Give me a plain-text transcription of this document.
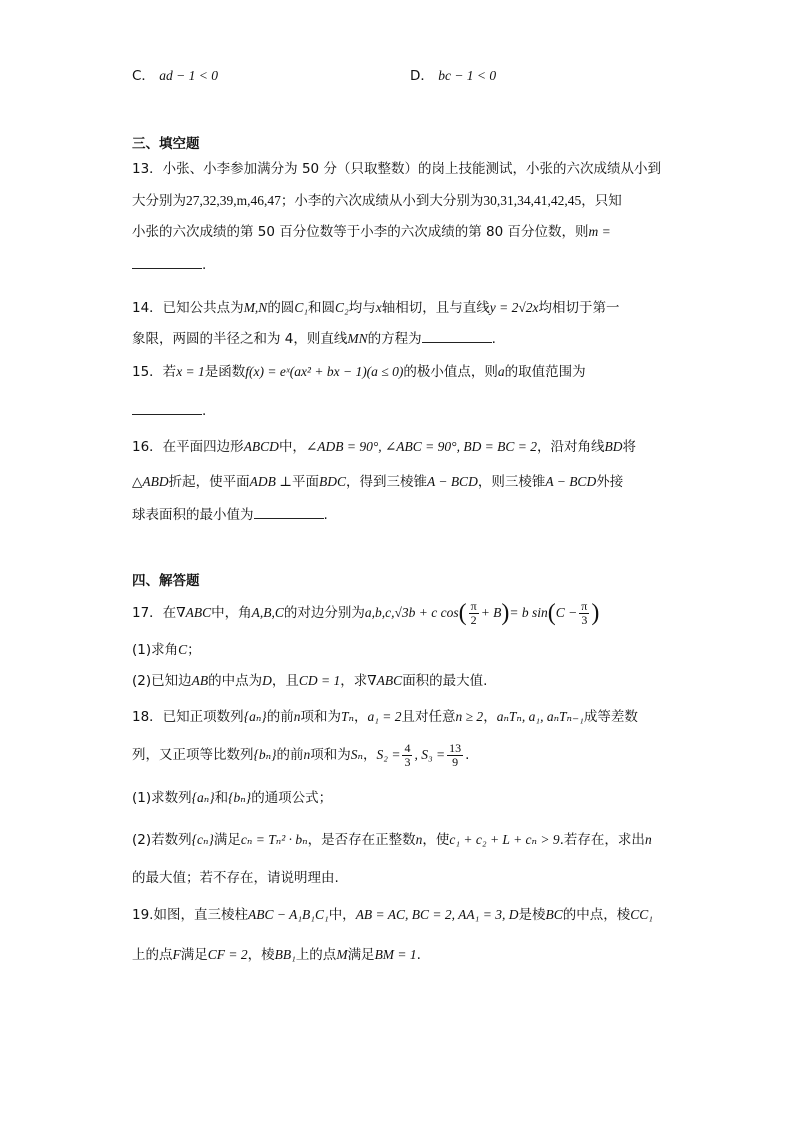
C． ad − 1 < 0	D． bc − 1 < 0
三、填空题
13．小张、小李参加满分为 50 分（只取整数）的岗上技能测试，小张的六次成绩从小到
大分别为27,32,39,m,46,47；小李的六次成绩从小到大分别为30,31,34,41,42,45，只知
小张的六次成绩的第 50 百分位数等于小李的六次成绩的第 80 百分位数，则m =
.
14．已知公共点为M,N的圆C₁和圆C₂均与x轴相切，且与直线y = 2√2x均相切于第一
象限，两圆的半径之和为 4，则直线MN的方程为	.
15．若x = 1是函数f(x) = eˣ(ax² + bx − 1)(a ≤ 0)的极小值点，则a的取值范围为
.
16．在平面四边形ABCD中，∠ADB = 90°, ∠ABC = 90°, BD = BC = 2，沿对角线BD将
△ABD折起，使平面ADB ⊥平面BDC，得到三棱锥A − BCD，则三棱锥A − BCD外接
球表面积的最小值为	.
四、解答题
17．在∇ABC中，角A,B,C的对边分别为a,b,c,√3b + c $\cos( \frac{\pi}{2} + B)= b$ $\sin(C - \frac{\pi}{3}$ )
(1)求角C；
(2)已知边AB的中点为D，且CD = 1，求∇ABC面积的最大值.
18．已知正项数列{aₙ}的前n项和为Tₙ，a₁ = 2且对任意n ≥ 2，aₙTₙ, a₁, aₙTₙ₋₁成等差数
列，又正项等比数列{bₙ}的前n项和为Sₙ，$S_2 = \frac{4}{3}$ , $S_3 = \frac{13}{9}$ .
(1)求数列{aₙ}和{bₙ}的通项公式；
(2)若数列{cₙ}满足cₙ = Tₙ² · bₙ，是否存在正整数n，使c₁ + c₂ + L + cₙ > 9.若存在，求出n
的最大值；若不存在，请说明理由.
19.如图，直三棱柱ABC − A₁B₁C₁中，AB = AC, BC = 2, AA₁ = 3, D是棱BC的中点，棱CC₁
上的点F满足CF = 2，棱BB₁上的点M满足BM = 1.
